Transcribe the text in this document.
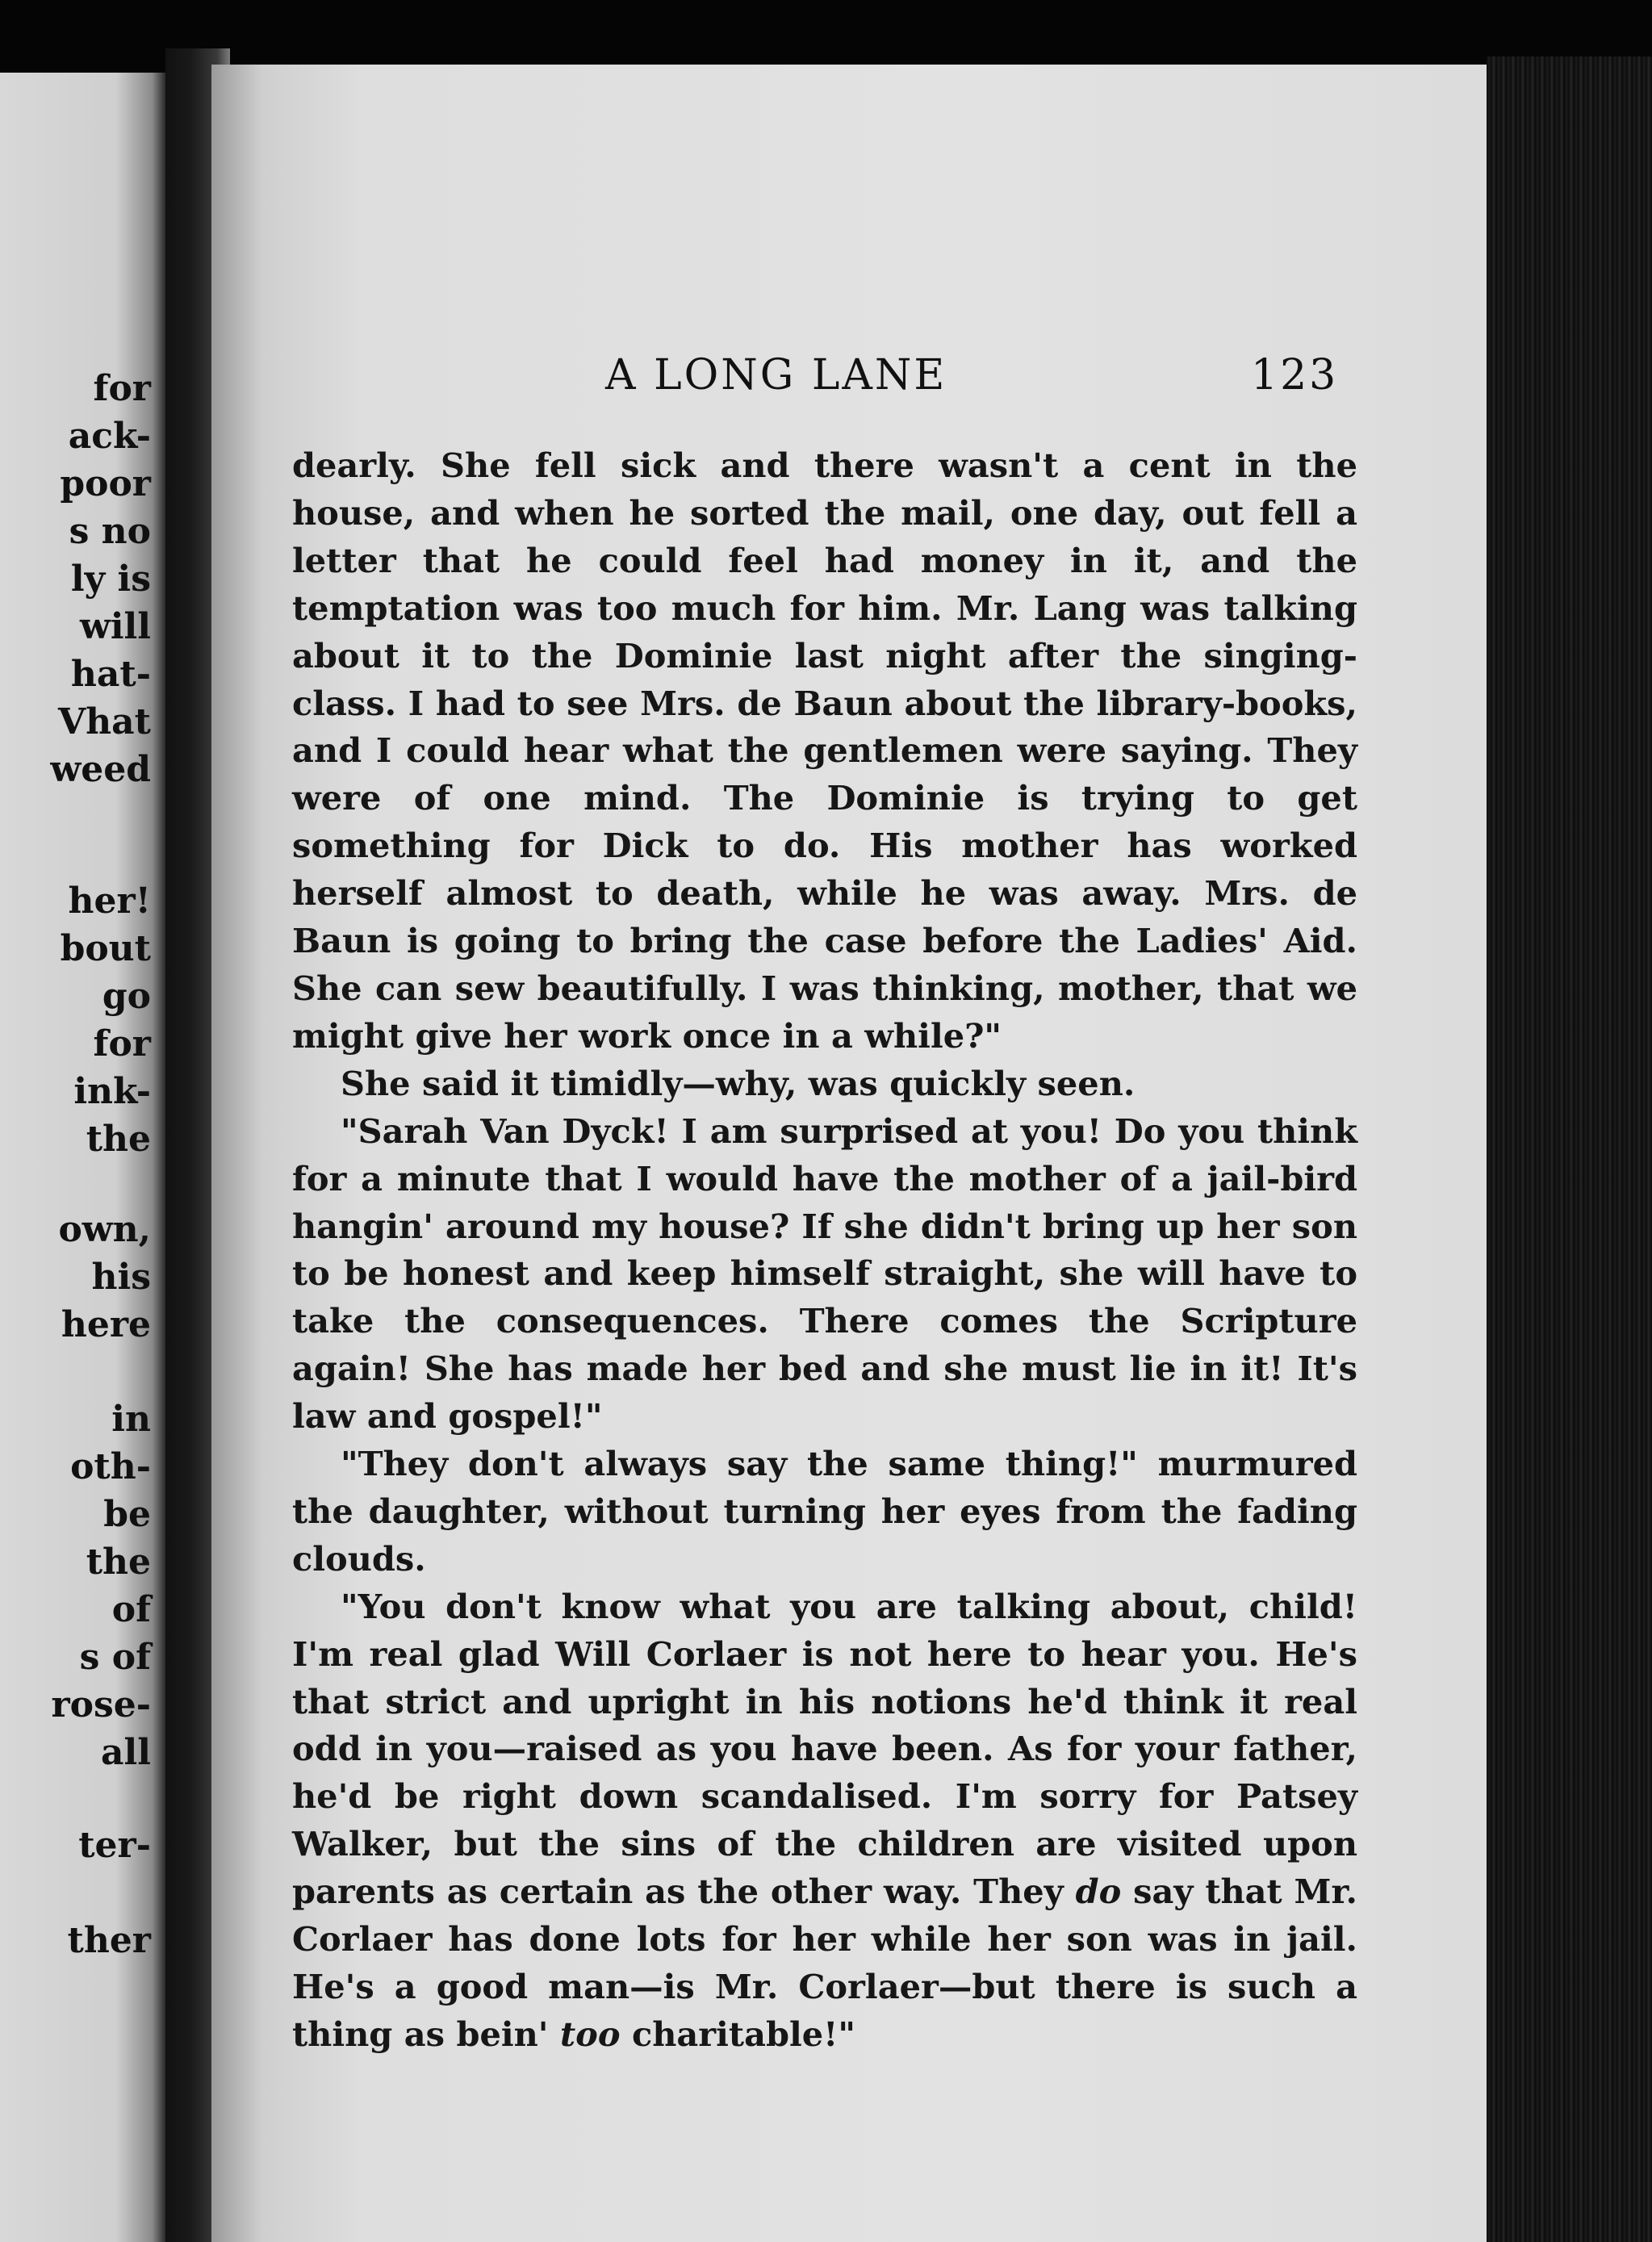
for
ack-
poor
s no
ly is
will
hat-
Vhat
weed
her!
bout
go
for
ink-
the
own,
his
here
in
oth-
be
the
of
s of
rose-
all
ter-
ther
A LONG LANE	123

dearly. She fell sick and there wasn't a cent in the house, and when he sorted the mail, one day, out fell a letter that he could feel had money in it, and the temptation was too much for him. Mr. Lang was talking about it to the Dominie last night after the singing-class. I had to see Mrs. de Baun about the library-books, and I could hear what the gentlemen were saying. They were of one mind. The Dominie is trying to get something for Dick to do. His mother has worked herself almost to death, while he was away. Mrs. de Baun is going to bring the case before the Ladies' Aid. She can sew beautifully. I was thinking, mother, that we might give her work once in a while?"

She said it timidly—why, was quickly seen.

"Sarah Van Dyck! I am surprised at you! Do you think for a minute that I would have the mother of a jail-bird hangin' around my house? If she didn't bring up her son to be honest and keep himself straight, she will have to take the consequences. There comes the Scripture again! She has made her bed and she must lie in it! It's law and gospel!"

"They don't always say the same thing!" murmured the daughter, without turning her eyes from the fading clouds.

"You don't know what you are talking about, child! I'm real glad Will Corlaer is not here to hear you. He's that strict and upright in his notions he'd think it real odd in you—raised as you have been. As for your father, he'd be right down scandalised. I'm sorry for Patsey Walker, but the sins of the children are visited upon parents as certain as the other way. They do say that Mr. Corlaer has done lots for her while her son was in jail. He's a good man—is Mr. Corlaer—but there is such a thing as bein' too charitable!"
